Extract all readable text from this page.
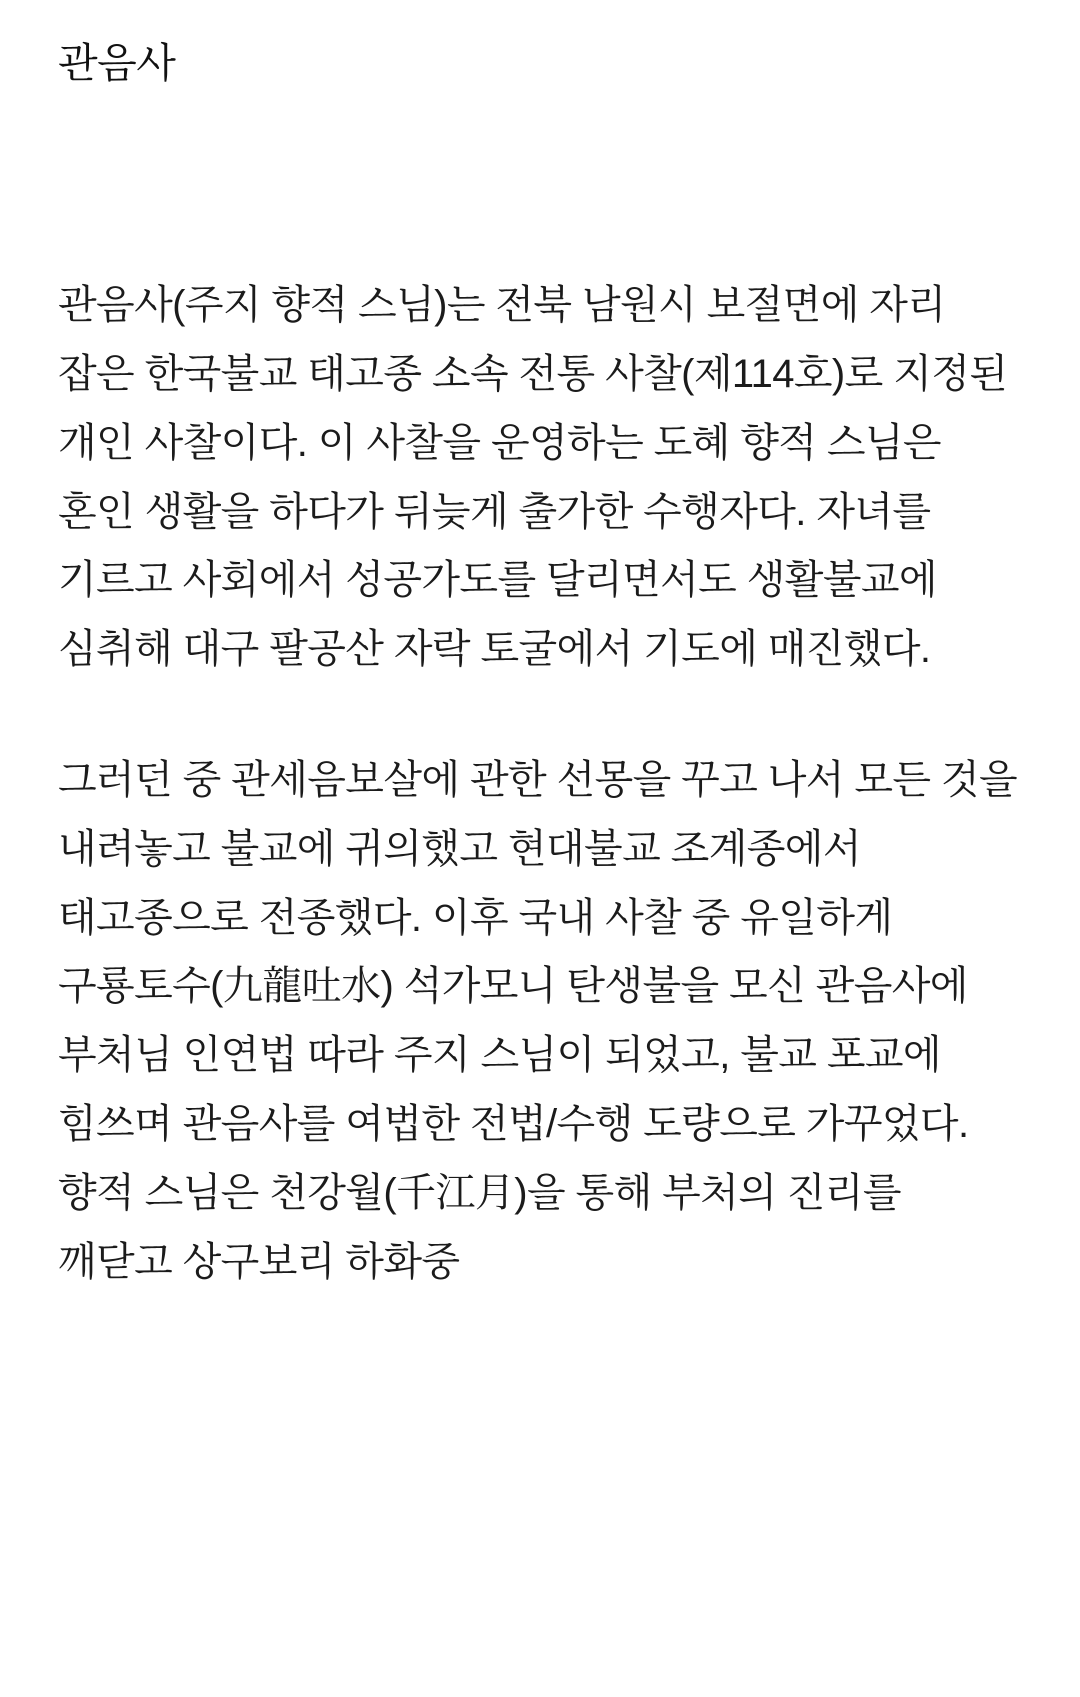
관음사

관음사(주지 향적 스님)는 전북 남원시 보절면에 자리 잡은 한국불교 태고종 소속 전통 사찰(제114호)로 지정된 개인 사찰이다. 이 사찰을 운영하는 도혜 향적 스님은 혼인 생활을 하다가 뒤늦게 출가한 수행자다. 자녀를 기르고 사회에서 성공가도를 달리면서도 생활불교에 심취해 대구 팔공산 자락 토굴에서 기도에 매진했다.

그러던 중 관세음보살에 관한 선몽을 꾸고 나서 모든 것을 내려놓고 불교에 귀의했고 현대불교 조계종에서 태고종으로 전종했다. 이후 국내 사찰 중 유일하게 구룡토수(九龍吐水) 석가모니 탄생불을 모신 관음사에 부처님 인연법 따라 주지 스님이 되었고, 불교 포교에 힘쓰며 관음사를 여법한 전법/수행 도량으로 가꾸었다. 향적 스님은 천강월(千江月)을 통해 부처의 진리를 깨닫고 상구보리 하화중
